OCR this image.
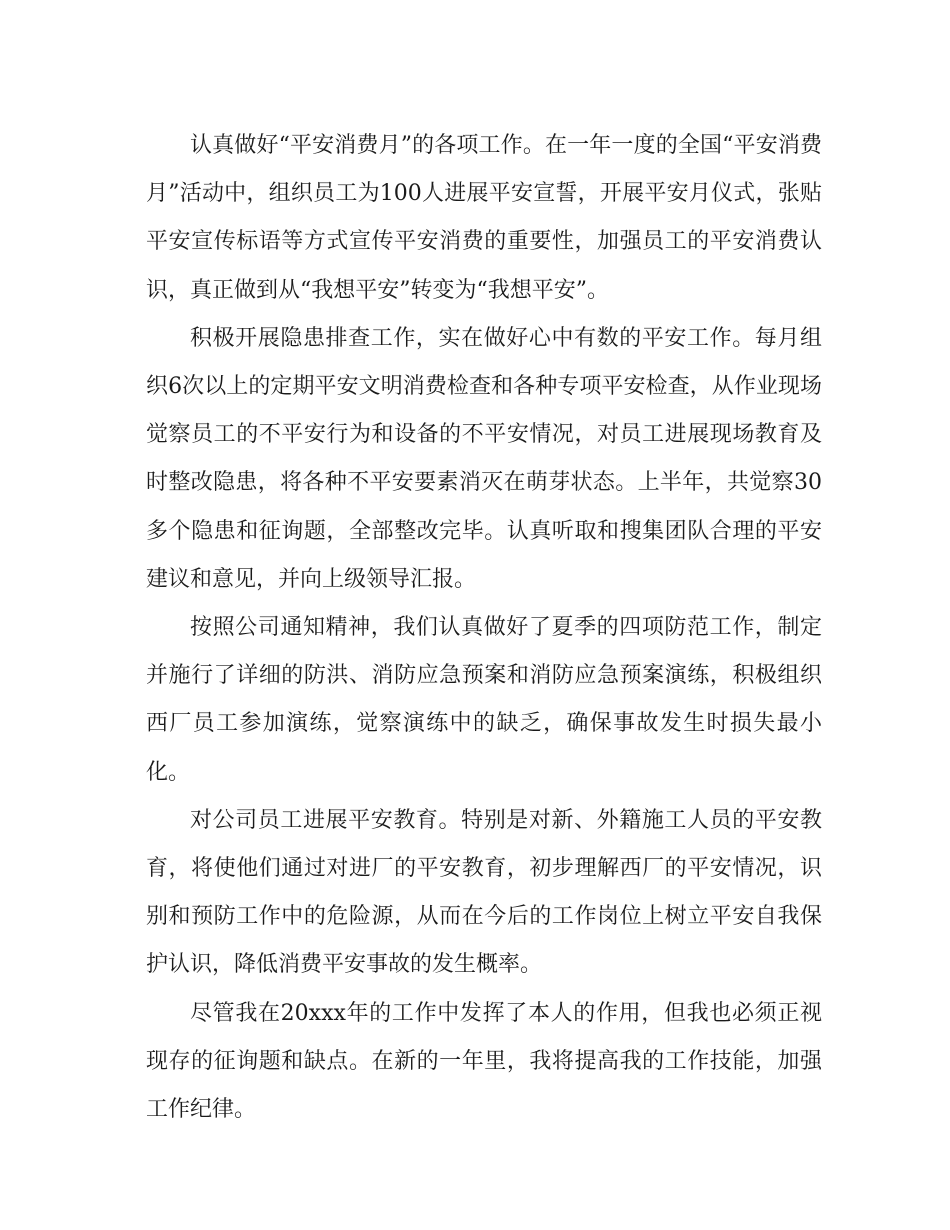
认真做好“平安消费月”的各项工作。在一年一度的全国“平安消费月”活动中，组织员工为100人进展平安宣誓，开展平安月仪式，张贴平安宣传标语等方式宣传平安消费的重要性，加强员工的平安消费认识，真正做到从“我想平安”转变为“我想平安”。

积极开展隐患排查工作，实在做好心中有数的平安工作。每月组织6次以上的定期平安文明消费检查和各种专项平安检查，从作业现场觉察员工的不平安行为和设备的不平安情况，对员工进展现场教育及时整改隐患，将各种不平安要素消灭在萌芽状态。上半年，共觉察30多个隐患和征询题，全部整改完毕。认真听取和搜集团队合理的平安建议和意见，并向上级领导汇报。

按照公司通知精神，我们认真做好了夏季的四项防范工作，制定并施行了详细的防洪、消防应急预案和消防应急预案演练，积极组织西厂员工参加演练，觉察演练中的缺乏，确保事故发生时损失最小化。

对公司员工进展平安教育。特别是对新、外籍施工人员的平安教育，将使他们通过对进厂的平安教育，初步理解西厂的平安情况，识别和预防工作中的危险源，从而在今后的工作岗位上树立平安自我保护认识，降低消费平安事故的发生概率。

尽管我在20xxx年的工作中发挥了本人的作用，但我也必须正视现存的征询题和缺点。在新的一年里，我将提高我的工作技能，加强工作纪律。
